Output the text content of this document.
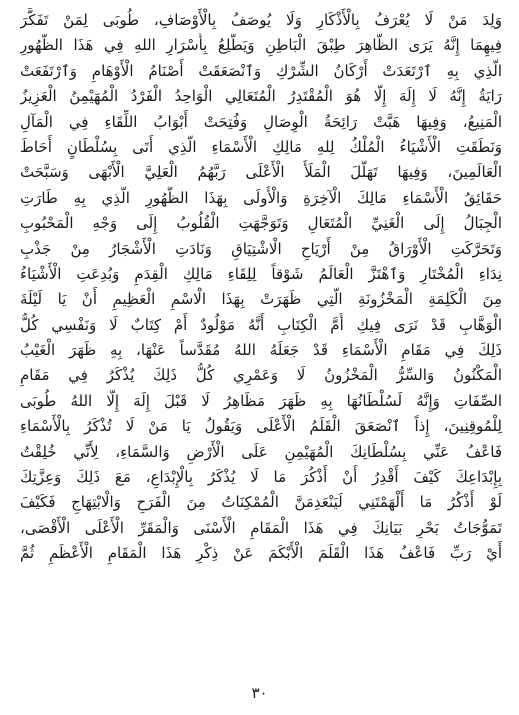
وَلِدَ مَنْ لَا يُعْرَفُ بِالْأَذْكَارِ وَلَا يُوصَفُ بِالْأَوْصَافِ، طُوبَى لِمَنْ تَفَكَّرَ
فِيهِمَا إِنَّهُ يَرَى الظَّاهِرَ طِبْقَ الْبَاطِنِ وَيَطَّلِعُ بِأَسْرَارِ اللهِ فِي هَذَا الظُّهُورِ
الَّذِي بِهِ ٱرْتَعَدَتْ أَرْكَانُ الشِّرْكِ وَٱنْصَعَقَتْ أَصْنَامُ الْأَوْهَامِ وَٱرْتَفَعَتْ
رَايَةُ إِنَّهُ لَا إِلَهَ إِلَّا هُوَ الْمُقْتَدِرُ الْمُتَعَالِي الْوَاحِدُ الْفَرْدُ الْمُهَيْمِنُ الْعَزِيزُ
الْمَنِيعُ، وَفِيهَا هَبَّتْ رَائِحَةُ الْوِصَالِ وَفُتِحَتْ أَبْوَابُ اللِّقَاءِ فِي الْمَآلِ
وَنَطَقَتِ الْأَشْيَاءُ الْمُلْكُ لِلهِ مَالِكِ الْأَسْمَاءِ الَّذِي أَتَى بِسُلْطَانٍ أَحَاطَ
الْعَالَمِينَ، وَفِيهَا تَهَلَّلَ الْمَلَأُ الْأَعْلَى رَبَّهُمُ الْعَلِيَّ الْأَبْهَى وَسَبَّحَتْ
حَقَائِقُ الْأَسْمَاءِ مَالِكَ الْآخِرَةِ وَالْأُولَى بِهَذَا الظُّهُورِ الَّذِي بِهِ طَارَتِ
الْجِبَالُ إِلَى الْغَنِيِّ الْمُتَعَالِ وَتَوَجَّهَتِ الْقُلُوبُ إِلَى وَجْهِ الْمَحْبُوبِ
وَتَحَرَّكَتِ الْأَوْرَاقُ مِنْ أَرْيَاحِ الْاشْتِيَاقِ وَنَادَتِ الْأَشْجَارُ مِنْ جَذْبِ
نِدَاءِ الْمُخْتَارِ وَٱهْتَزَّ الْعَالَمُ شَوْقاً لِلِقَاءِ مَالِكِ الْقِدَمِ وَبُدِعَتِ الْأَشْيَاءُ
مِنَ الْكَلِمَةِ الْمَخْزُونَةِ الَّتِي ظَهَرَتْ بِهَذَا الْاسْمِ الْعَظِيمِ أَنْ يَا لَيْلَةَ
الْوَهَّابِ قَدْ نَرَى فِيكِ أُمَّ الْكِتَابِ أَنَّهُ مَوْلُودٌ أَمْ كِتَابٌ لَا وَنَفْسِي كُلُّ
ذَلِكَ فِي مَقَامِ الْأَسْمَاءِ قَدْ جَعَلَهُ اللهُ مُقَدَّساً عَنْهَا، بِهِ ظَهَرَ الْغَيْبُ
الْمَكْنُونُ وَالسِّرُّ الْمَخْزُونُ لَا وَعَمْرِي كُلُّ ذَلِكَ يُذْكَرُ فِي مَقَامِ
الصِّفَاتِ وَإِنَّهُ لَسُلْطَانُهَا بِهِ ظَهَرَ مَظَاهِرُ لَا قَبْلَ إِلَهَ إِلَّا اللهُ طُوبَى
لِلْمُوقِنِينَ، إِذاً ٱنْصَعَقَ الْقَلَمُ الْأَعْلَى وَيَقُولُ يَا مَنْ لَا تُذْكَرُ بِالْأَسْمَاءِ
فَاعْفُ عَنِّي بِسُلْطَانِكَ الْمُهَيْمِنِ عَلَى الْأَرْضِ وَالسَّمَاءِ، لِأَنِّي خُلِقْتُ
بِإِبْدَاعِكَ كَيْفَ أَقْدِرُ أَنْ أَذْكُرَ مَا لَا يُذْكَرُ بِالْإِبْدَاعِ، مَعَ ذَلِكَ وَعِزَّتِكَ
لَوْ أَذْكُرُ مَا أَلْهَمْتَنِي لَيَنْعَدِمَنَّ الْمُمْكِنَاتُ مِنَ الْفَرَحِ وَالْابْتِهَاجِ فَكَيْفَ
تَمَوُّجَاتُ بَحْرِ بَيَانِكَ فِي هَذَا الْمَقَامِ الْأَسْنَى وَالْمَقَرِّ الْأَعْلَى الْأَقْصَى،
أَيْ رَبِّ فَاعْفُ هَذَا الْقَلَمَ الْأَبْكَمَ عَنْ ذِكْرِ هَذَا الْمَقَامِ الْأَعْظَمِ ثُمَّ
٣٠
